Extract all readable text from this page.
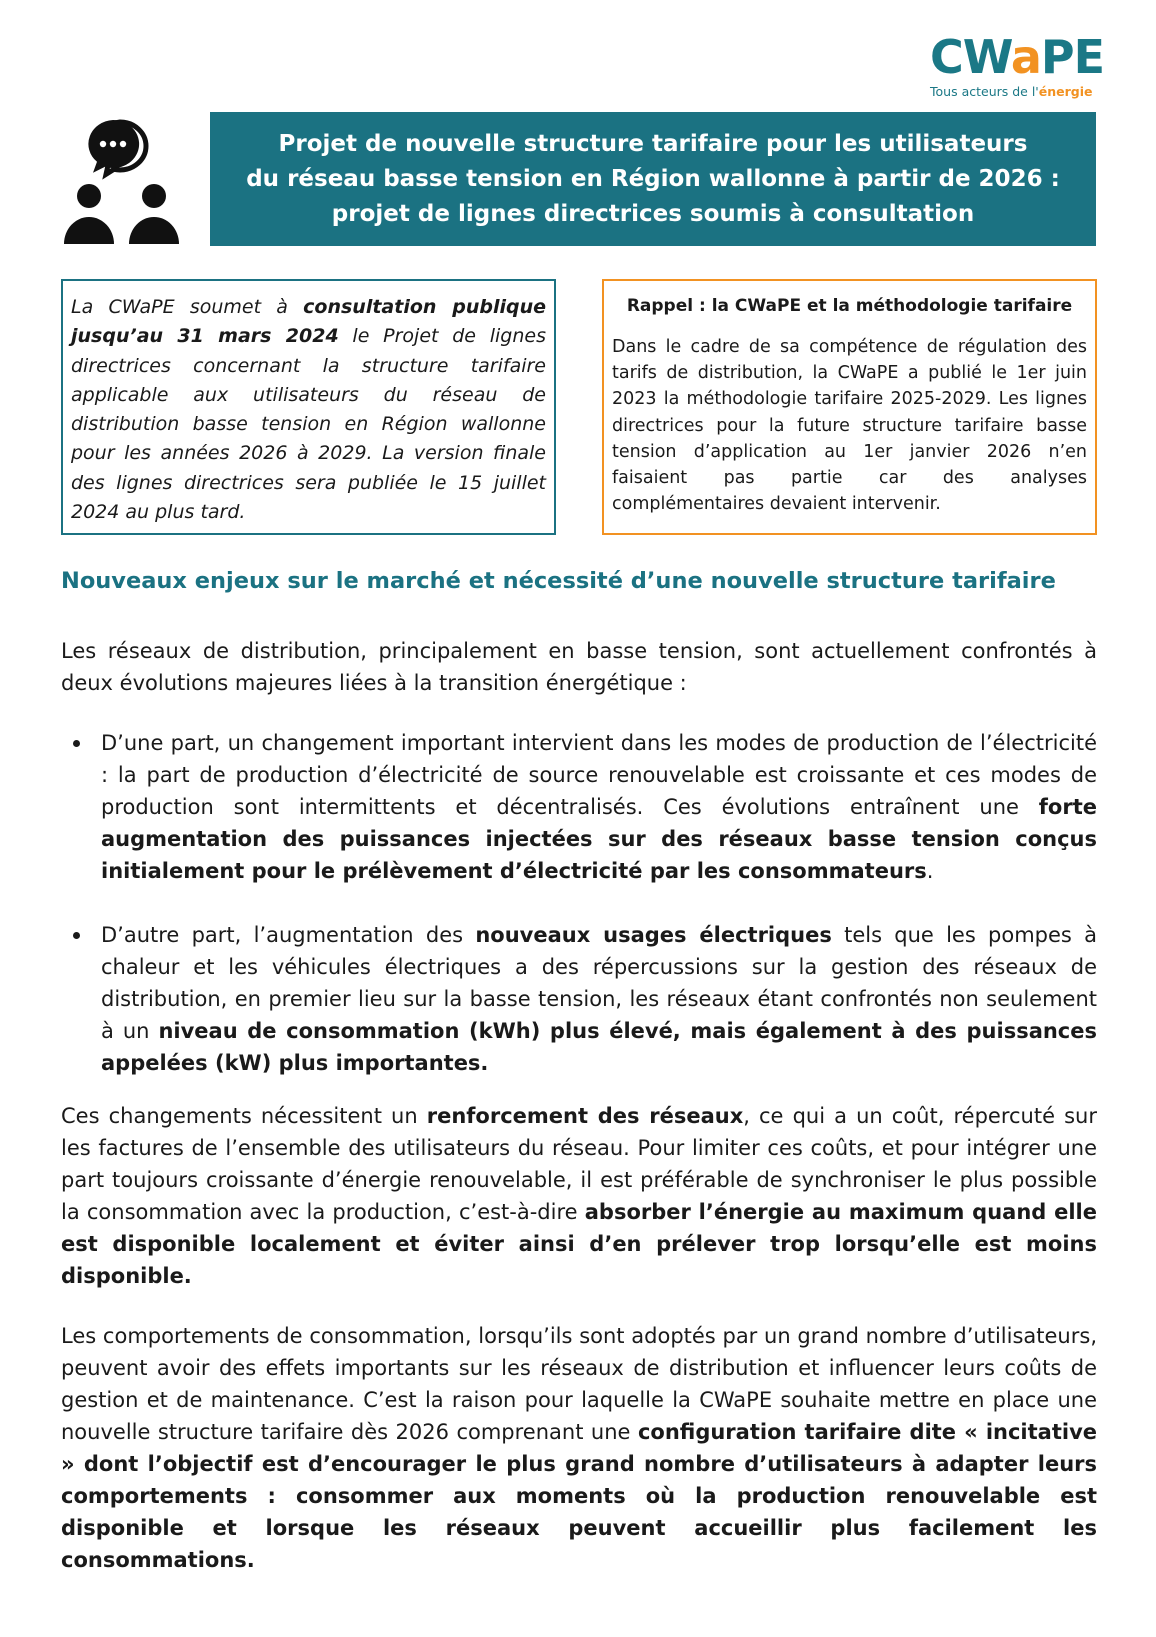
CWaPE
Tous acteurs de l'énergie
Projet de nouvelle structure tarifaire pour les utilisateurs
du réseau basse tension en Région wallonne à partir de 2026 :
projet de lignes directrices soumis à consultation

La CWaPE soumet à consultation publique jusqu’au 31 mars 2024 le Projet de lignes directrices concernant la structure tarifaire applicable aux utilisateurs du réseau de distribution basse tension en Région wallonne pour les années 2026 à 2029. La version finale des lignes directrices sera publiée le 15 juillet 2024 au plus tard.

Rappel : la CWaPE et la méthodologie tarifaire

Dans le cadre de sa compétence de régulation des tarifs de distribution, la CWaPE a publié le 1er juin 2023 la méthodologie tarifaire 2025-2029. Les lignes directrices pour la future structure tarifaire basse tension d’application au 1er janvier 2026 n’en faisaient pas partie car des analyses complémentaires devaient intervenir.

Nouveaux enjeux sur le marché et nécessité d’une nouvelle structure tarifaire

Les réseaux de distribution, principalement en basse tension, sont actuellement confrontés à deux évolutions majeures liées à la transition énergétique :

D’une part, un changement important intervient dans les modes de production de l’électricité : la part de production d’électricité de source renouvelable est croissante et ces modes de production sont intermittents et décentralisés. Ces évolutions entraînent une forte augmentation des puissances injectées sur des réseaux basse tension conçus initialement pour le prélèvement d’électricité par les consommateurs.
D’autre part, l’augmentation des nouveaux usages électriques tels que les pompes à chaleur et les véhicules électriques a des répercussions sur la gestion des réseaux de distribution, en premier lieu sur la basse tension, les réseaux étant confrontés non seulement à un niveau de consommation (kWh) plus élevé, mais également à des puissances appelées (kW) plus importantes.

Ces changements nécessitent un renforcement des réseaux, ce qui a un coût, répercuté sur les factures de l’ensemble des utilisateurs du réseau. Pour limiter ces coûts, et pour intégrer une part toujours croissante d’énergie renouvelable, il est préférable de synchroniser le plus possible la consommation avec la production, c’est-à-dire absorber l’énergie au maximum quand elle est disponible localement et éviter ainsi d’en prélever trop lorsqu’elle est moins disponible.

Les comportements de consommation, lorsqu’ils sont adoptés par un grand nombre d’utilisateurs, peuvent avoir des effets importants sur les réseaux de distribution et influencer leurs coûts de gestion et de maintenance. C’est la raison pour laquelle la CWaPE souhaite mettre en place une nouvelle structure tarifaire dès 2026 comprenant une configuration tarifaire dite « incitative » dont l’objectif est d’encourager le plus grand nombre d’utilisateurs à adapter leurs comportements : consommer aux moments où la production renouvelable est disponible et lorsque les réseaux peuvent accueillir plus facilement les consommations.
